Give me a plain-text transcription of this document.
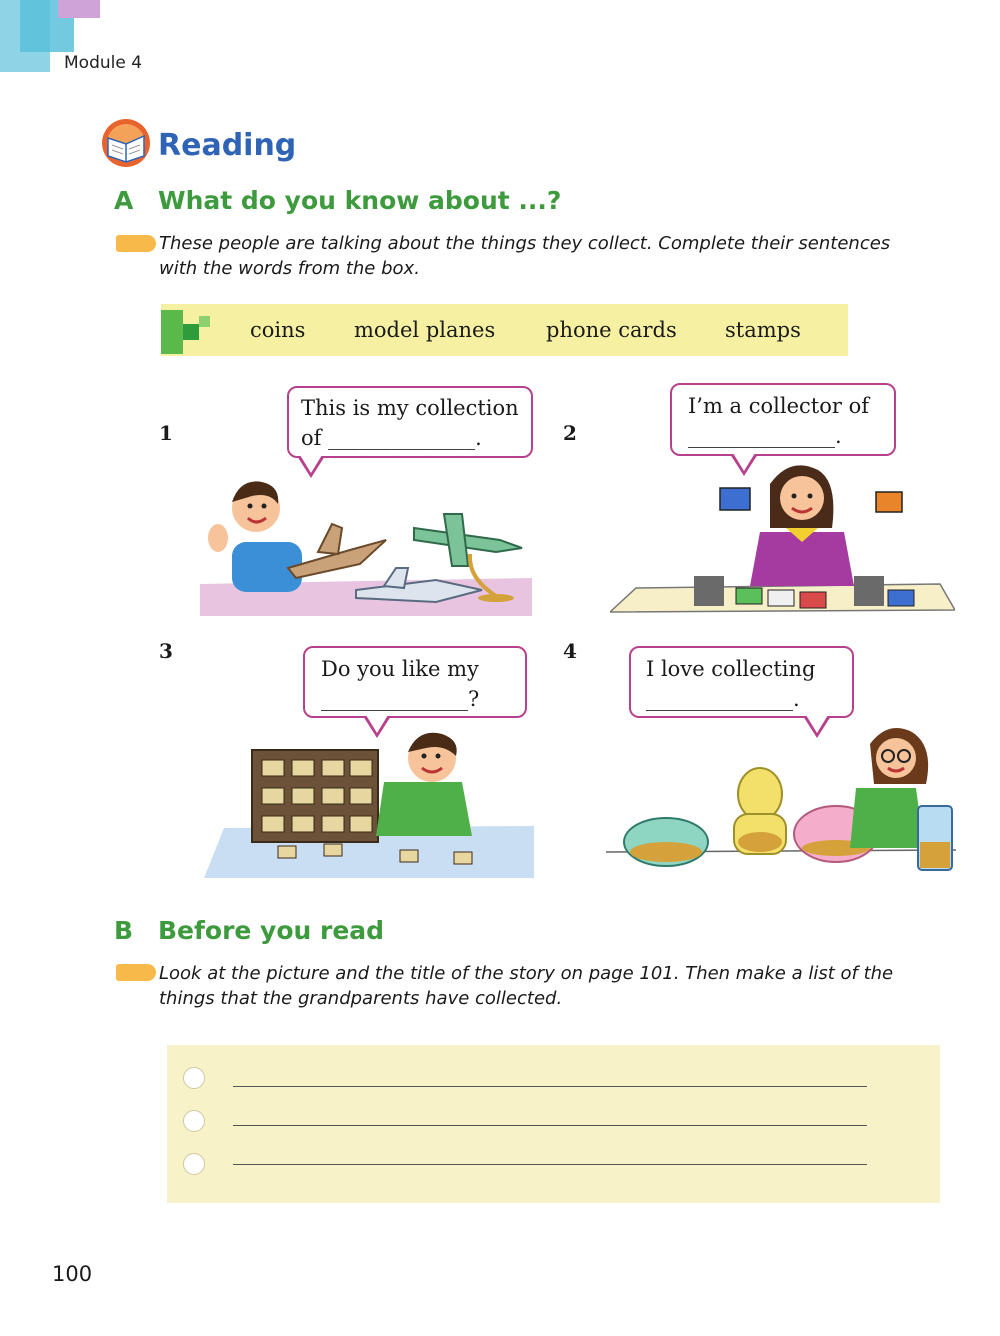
Module 4
Reading
A What do you know about ...?
These people are talking about the things they collect. Complete their sentences
with the words from the box.
coins model planes phone cards stamps
1	2
3	4
This is my collection
of ______________.
I’m a collector of
______________.
Do you like my
______________?
I love collecting
______________.
B Before you read
Look at the picture and the title of the story on page 101. Then make a list of the
things that the grandparents have collected.
100
